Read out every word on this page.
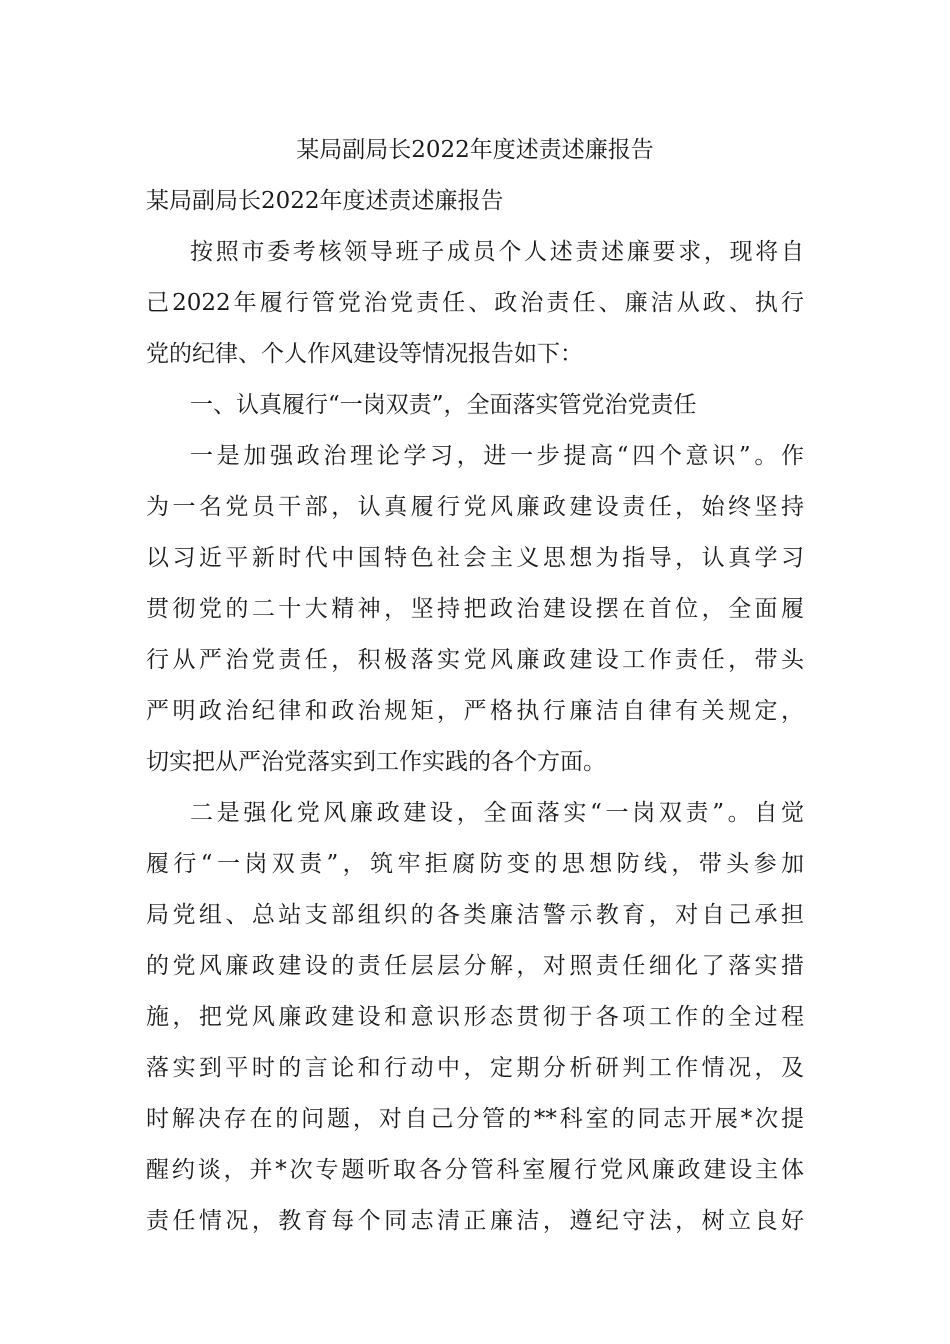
某局副局长2022年度述责述廉报告
某局副局长2022年度述责述廉报告
按照市委考核领导班子成员个人述责述廉要求，现将自
己2022年履行管党治党责任、政治责任、廉洁从政、执行
党的纪律、个人作风建设等情况报告如下：
一、认真履行“一岗双责”，全面落实管党治党责任
一是加强政治理论学习，进一步提高“四个意识”。作
为一名党员干部，认真履行党风廉政建设责任，始终坚持
以习近平新时代中国特色社会主义思想为指导，认真学习
贯彻党的二十大精神，坚持把政治建设摆在首位，全面履
行从严治党责任，积极落实党风廉政建设工作责任，带头
严明政治纪律和政治规矩，严格执行廉洁自律有关规定，
切实把从严治党落实到工作实践的各个方面。
二是强化党风廉政建设，全面落实“一岗双责”。自觉
履行“一岗双责”，筑牢拒腐防变的思想防线，带头参加
局党组、总站支部组织的各类廉洁警示教育，对自己承担
的党风廉政建设的责任层层分解，对照责任细化了落实措
施，把党风廉政建设和意识形态贯彻于各项工作的全过程
落实到平时的言论和行动中，定期分析研判工作情况，及
时解决存在的问题，对自己分管的**科室的同志开展*次提
醒约谈，并*次专题听取各分管科室履行党风廉政建设主体
责任情况，教育每个同志清正廉洁，遵纪守法，树立良好
